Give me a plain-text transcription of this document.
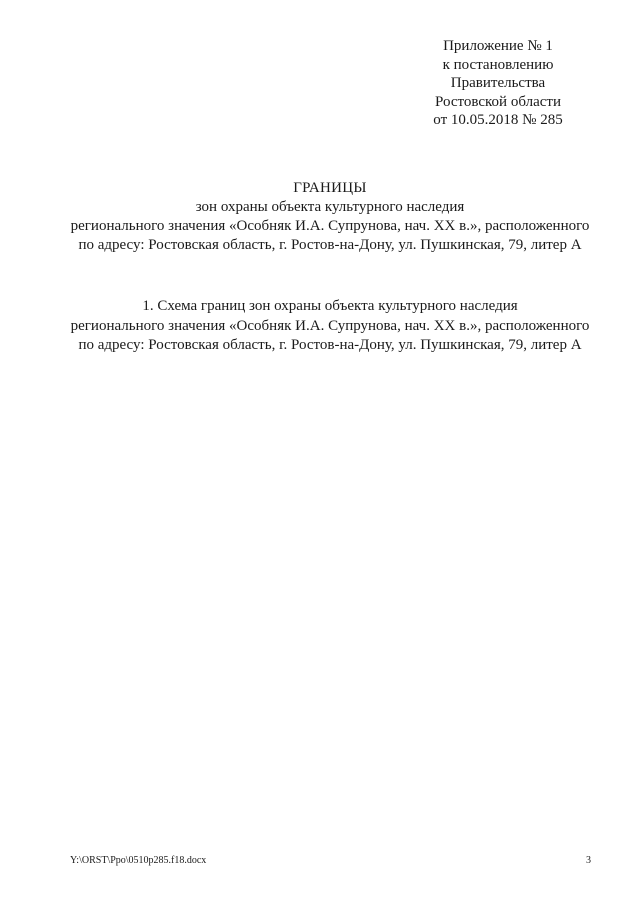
Приложение № 1
к постановлению
Правительства
Ростовской области
от 10.05.2018 № 285
ГРАНИЦЫ
зон охраны объекта культурного наследия
регионального значения «Особняк И.А. Супрунова, нач. XX в.», расположенного
по адресу: Ростовская область, г. Ростов-на-Дону, ул. Пушкинская, 79, литер А
1. Схема границ зон охраны объекта культурного наследия
регионального значения «Особняк И.А. Супрунова, нач. XX в.», расположенного
по адресу: Ростовская область, г. Ростов-на-Дону, ул. Пушкинская, 79, литер А
Y:\ORST\Ppo\0510p285.f18.docx	3
